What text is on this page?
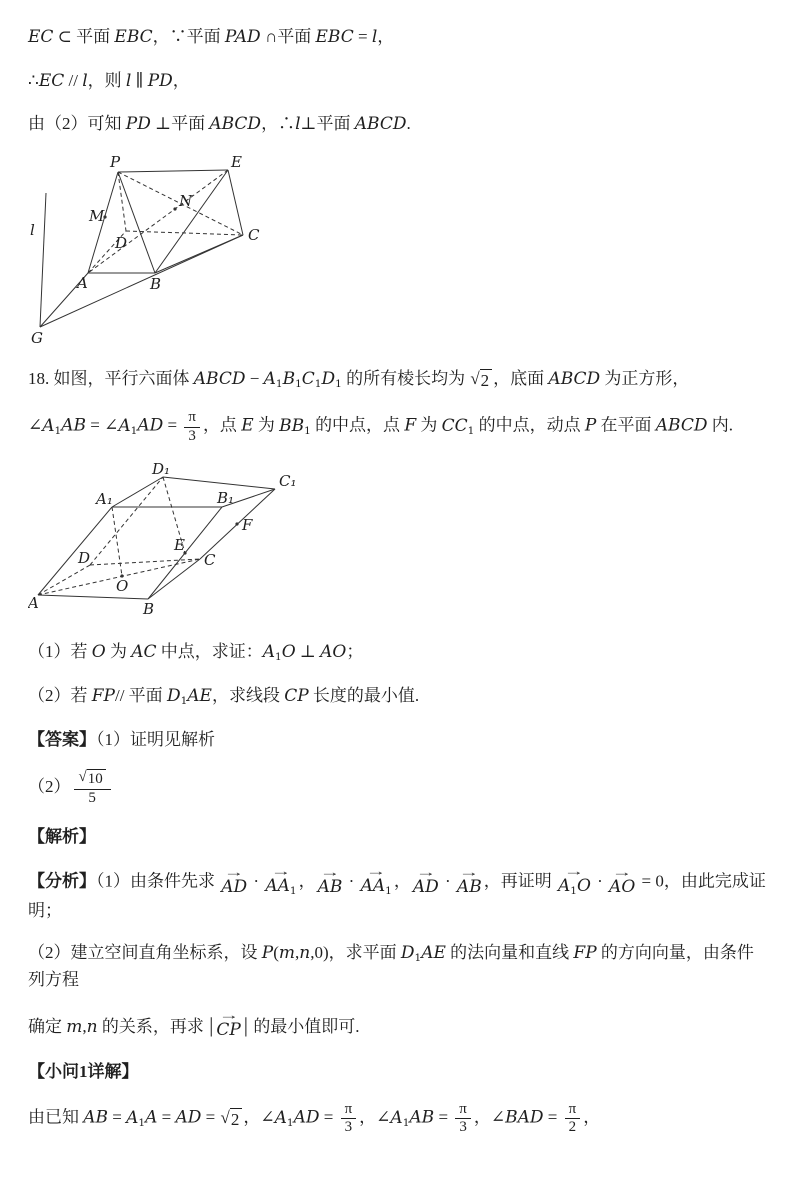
EC ⊂ 平面 EBC，∵平面 PAD ∩平面 EBC = l，

∴EC // l，则 l ∥ PD，

由（2）可知 PD ⊥平面 ABCD，∴l⊥平面 ABCD.

P	E
M
N
D	C
A	B
G
l

18. 如图，平行六面体 ABCD − $A_1B_1C_1D_1$ 的所有棱长均为 √ 2 ，底面 ABCD 为正方形，

$\angle A_1AB$ = $\angle A_1AD = \frac{\pi}{3}$ ，点 E 为 $BB_1$ 的中点，点 F 为 $CC_1$ 的中点，动点 P 在平面 ABCD 内.

A	B
C
D
O
E
F
A₁	B₁
C₁
D₁

（1）若 O 为 AC 中点，求证：$A_1O$ ⊥ AO；

（2）若 FP// 平面 $D_1AE$，求线段 CP 长度的最小值.

【答案】（1）证明见解析

$(2) \frac{√ 10}{5}$

【解析】

【分析】（1）由条件先求 →
AD ·
→
$AA_1$
， →
AB ·
→
$AA_1$
， →
AD · →
AB ，再证明
→
$A_1O$ · →
AO = 0，由此完成证明；

（2）建立空间直角坐标系，设 P(m,n,0)，求平面 $D_1AE$ 的法向量和直线 FP 的方向向量，由条件列方程

确定 m,n 的关系，再求 | →
CP | 的最小值即可.

【小问1详解】

由已知 AB = $A_1A$ = AD = √ 2 ，$\angle A_1AD = \frac{\pi}{3}$ ，$\angle A_1AB = \frac{\pi}{3}$ ，∠BAD = $\frac{\pi}{2}$ ，
